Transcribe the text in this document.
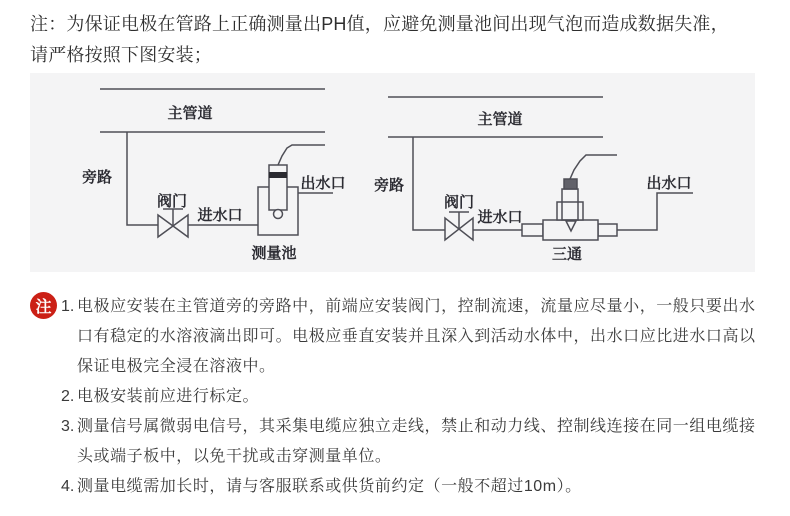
注：为保证电极在管路上正确测量出PH值，应避免测量池间出现气泡而造成数据失准，
请严格按照下图安装；
主管道
旁路
阀门
进水口
出水口
测量池
主管道
旁路
阀门
进水口
出水口
三通
注 1. 电极应安装在主管道旁的旁路中，前端应安装阀门，控制流速，流量应尽量小，一般只要出水口有稳定的水溶液滴出即可。电极应垂直安装并且深入到活动水体中，出水口应比进水口高以保证电极完全浸在溶液中。
2. 电极安装前应进行标定。
3. 测量信号属微弱电信号，其采集电缆应独立走线，禁止和动力线、控制线连接在同一组电缆接头或端子板中，以免干扰或击穿测量单位。
4. 测量电缆需加长时，请与客服联系或供货前约定（一般不超过10m）。
